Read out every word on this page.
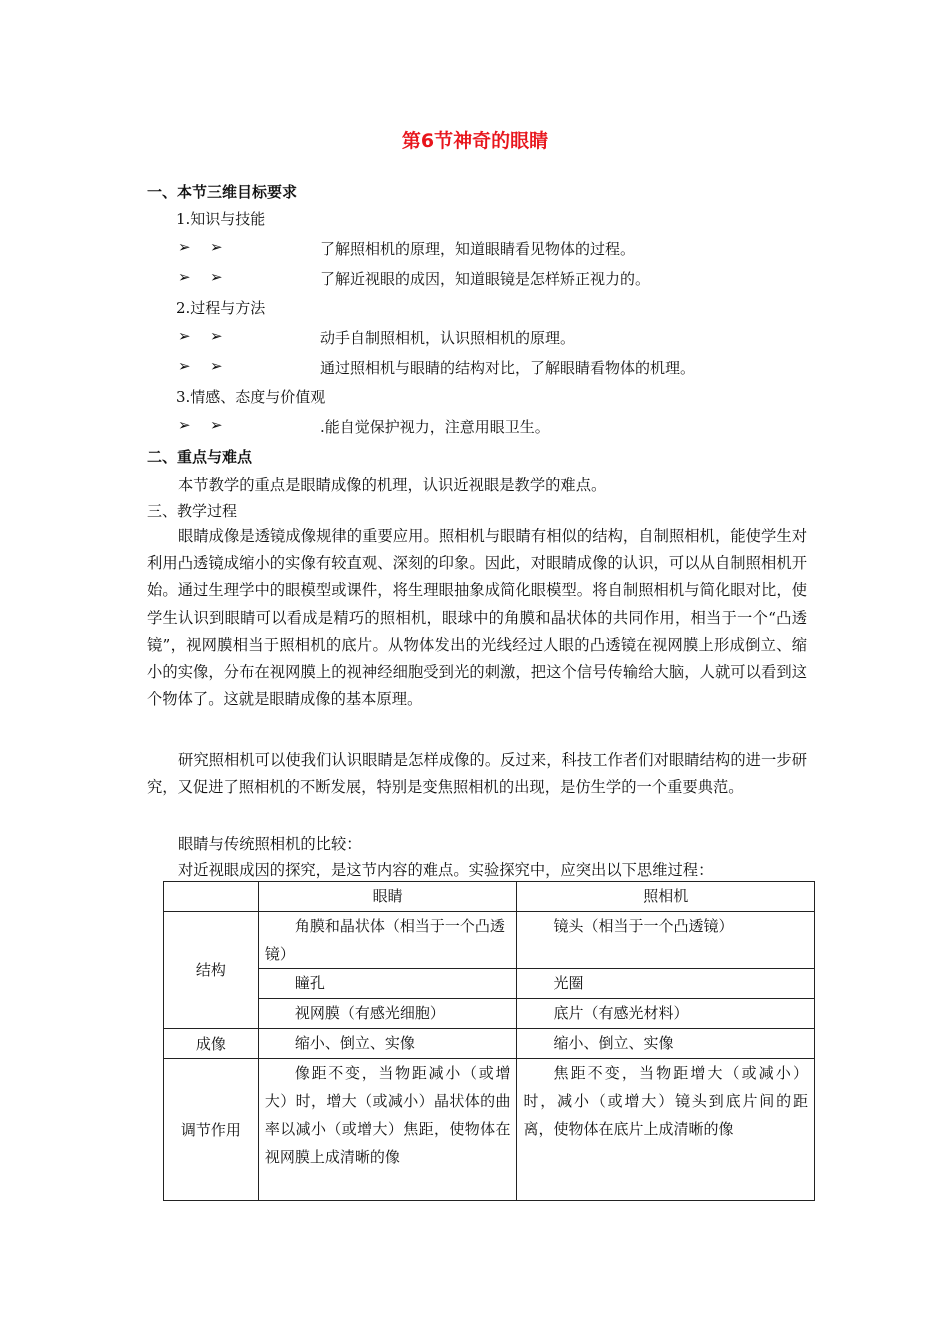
第6节神奇的眼睛
一、本节三维目标要求
1.知识与技能
➢ ➢	了解照相机的原理，知道眼睛看见物体的过程。
➢ ➢	了解近视眼的成因，知道眼镜是怎样矫正视力的。
2.过程与方法
➢ ➢	动手自制照相机，认识照相机的原理。
➢ ➢	通过照相机与眼睛的结构对比，了解眼睛看物体的机理。
3.情感、态度与价值观
➢ ➢	.能自觉保护视力，注意用眼卫生。
二、重点与难点
本节教学的重点是眼睛成像的机理，认识近视眼是教学的难点。
三、教学过程
眼睛成像是透镜成像规律的重要应用。照相机与眼睛有相似的结构，自制照相机，能使学生对利用凸透镜成缩小的实像有较直观、深刻的印象。因此，对眼睛成像的认识，可以从自制照相机开始。通过生理学中的眼模型或课件，将生理眼抽象成简化眼模型。将自制照相机与简化眼对比，使学生认识到眼睛可以看成是精巧的照相机，眼球中的角膜和晶状体的共同作用，相当于一个“凸透镜”，视网膜相当于照相机的底片。从物体发出的光线经过人眼的凸透镜在视网膜上形成倒立、缩小的实像，分布在视网膜上的视神经细胞受到光的刺激，把这个信号传输给大脑，人就可以看到这个物体了。这就是眼睛成像的基本原理。
研究照相机可以使我们认识眼睛是怎样成像的。反过来，科技工作者们对眼睛结构的进一步研究，又促进了照相机的不断发展，特别是变焦照相机的出现，是仿生学的一个重要典范。
眼睛与传统照相机的比较：
对近视眼成因的探究，是这节内容的难点。实验探究中，应突出以下思维过程：
	眼睛	照相机
结构	角膜和晶状体（相当于一个凸透镜）	镜头（相当于一个凸透镜）
	瞳孔	光圈
	视网膜（有感光细胞）	底片（有感光材料）
成像	缩小、倒立、实像	缩小、倒立、实像
调节作用	像距不变，当物距减小（或增大）时，增大（或减小）晶状体的曲率以减小（或增大）焦距，使物体在视网膜上成清晰的像	焦距不变，当物距增大（或减小）时，减小（或增大）镜头到底片间的距离，使物体在底片上成清晰的像
